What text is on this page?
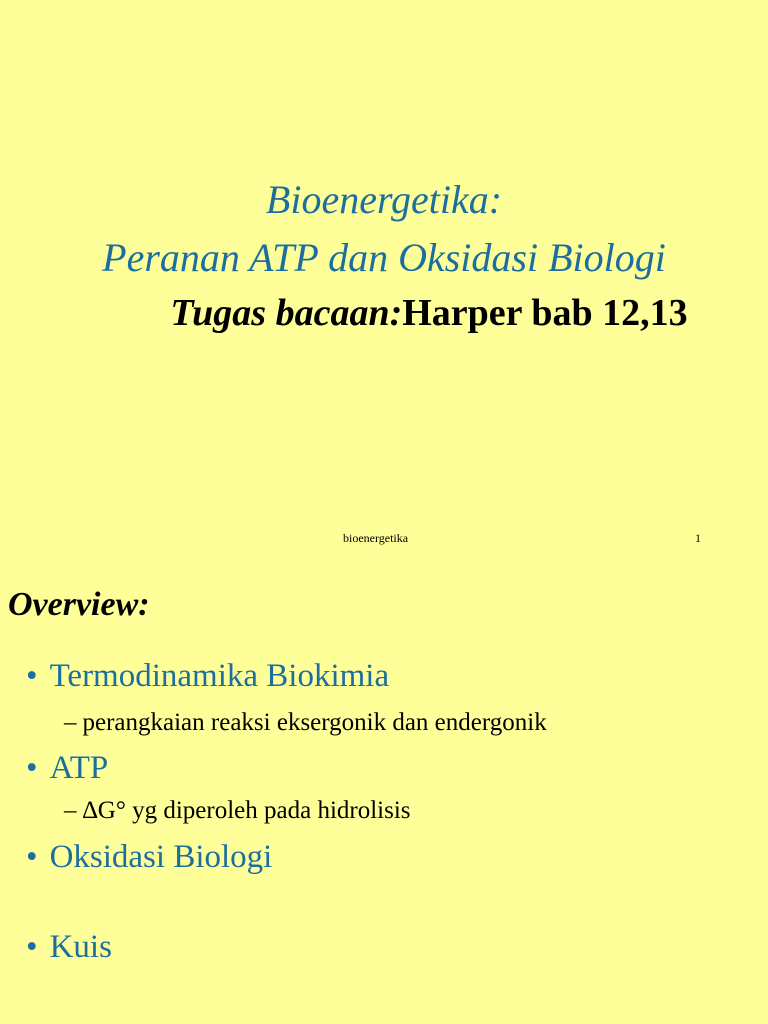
Bioenergetika:
Peranan ATP dan Oksidasi Biologi
Tugas bacaan:Harper bab 12,13
bioenergetika	1
Overview:
• Termodinamika Biokimia
– perangkaian reaksi eksergonik dan endergonik
• ATP
– ∆G° yg diperoleh pada hidrolisis
• Oksidasi Biologi
• Kuis
